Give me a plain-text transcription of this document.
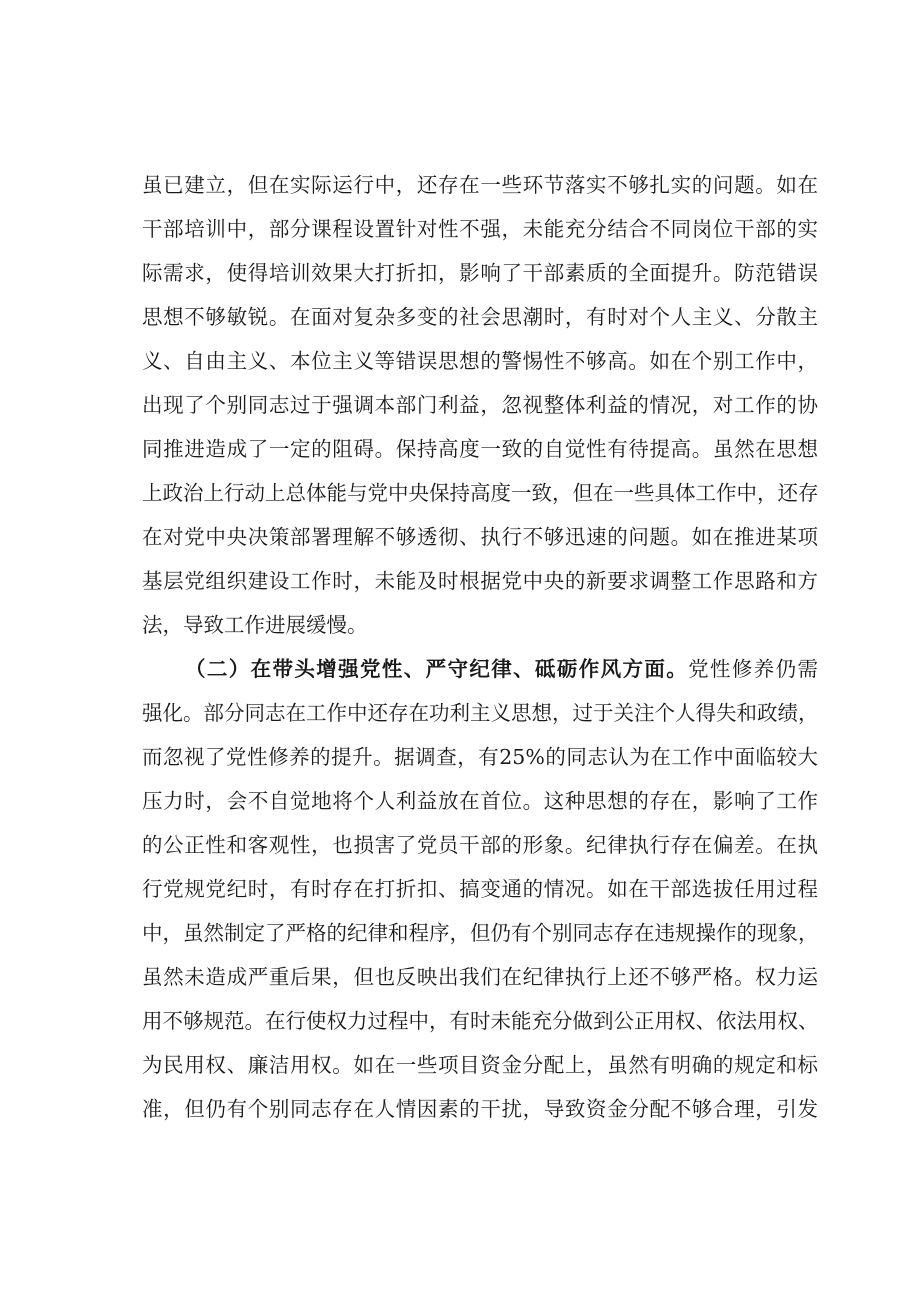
虽已建立，但在实际运行中，还存在一些环节落实不够扎实的问题。如在
干部培训中，部分课程设置针对性不强，未能充分结合不同岗位干部的实
际需求，使得培训效果大打折扣，影响了干部素质的全面提升。防范错误
思想不够敏锐。在面对复杂多变的社会思潮时，有时对个人主义、分散主
义、自由主义、本位主义等错误思想的警惕性不够高。如在个别工作中，
出现了个别同志过于强调本部门利益，忽视整体利益的情况，对工作的协
同推进造成了一定的阻碍。保持高度一致的自觉性有待提高。虽然在思想
上政治上行动上总体能与党中央保持高度一致，但在一些具体工作中，还存
在对党中央决策部署理解不够透彻、执行不够迅速的问题。如在推进某项
基层党组织建设工作时，未能及时根据党中央的新要求调整工作思路和方
法，导致工作进展缓慢。
（二）在带头增强党性、严守纪律、砥砺作风方面。党性修养仍需
强化。部分同志在工作中还存在功利主义思想，过于关注个人得失和政绩，
而忽视了党性修养的提升。据调查，有25%的同志认为在工作中面临较大
压力时，会不自觉地将个人利益放在首位。这种思想的存在，影响了工作
的公正性和客观性，也损害了党员干部的形象。纪律执行存在偏差。在执
行党规党纪时，有时存在打折扣、搞变通的情况。如在干部选拔任用过程
中，虽然制定了严格的纪律和程序，但仍有个别同志存在违规操作的现象，
虽然未造成严重后果，但也反映出我们在纪律执行上还不够严格。权力运
用不够规范。在行使权力过程中，有时未能充分做到公正用权、依法用权、
为民用权、廉洁用权。如在一些项目资金分配上，虽然有明确的规定和标
准，但仍有个别同志存在人情因素的干扰，导致资金分配不够合理，引发
